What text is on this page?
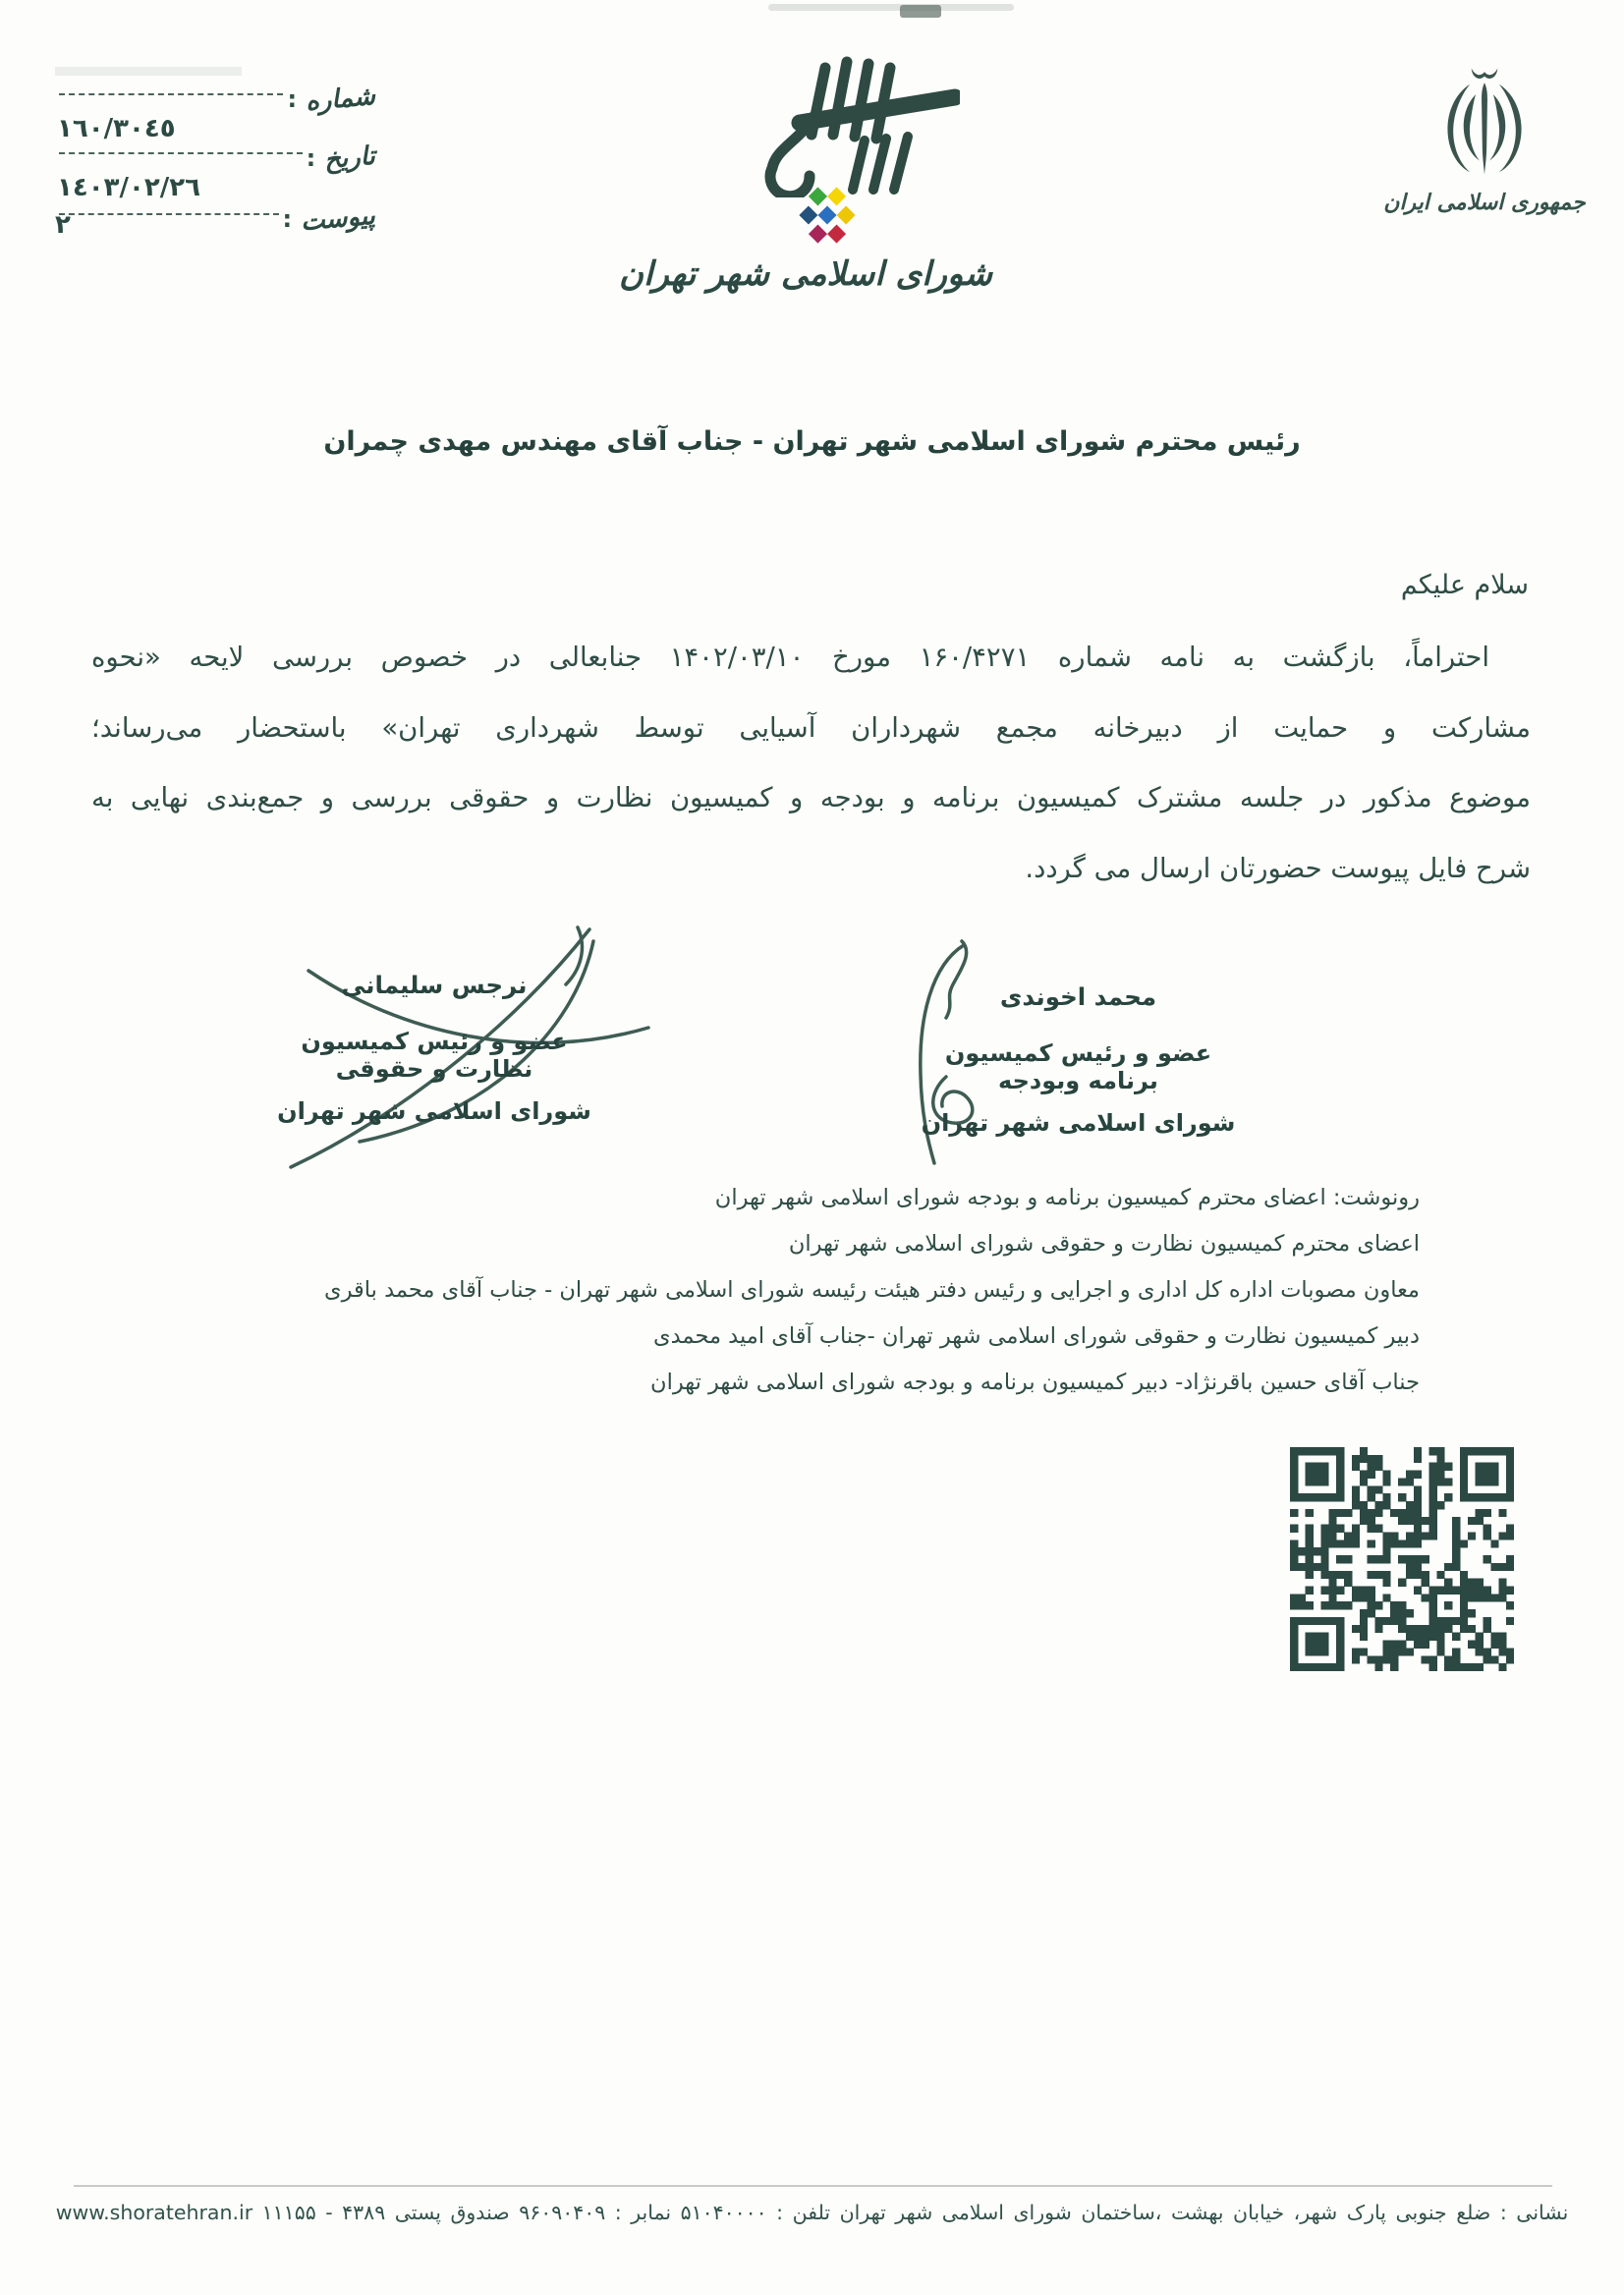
شماره
:
تاریخ
:
پیوست
:
١٦٠/٣٠٤٥
١٤٠٣/٠٢/٢٦
٢
شورای اسلامی شهر تهران
جمهوری اسلامی ایران
رئیس محترم شورای اسلامی شهر تهران - جناب آقای مهندس مهدی چمران
سلام علیکم
احتراماً، بازگشت به نامه شماره ۱۶۰/۴۲۷۱ مورخ ۱۴۰۲/۰۳/۱۰ جنابعالی در خصوص بررسی لایحه «نحوه
مشارکت و حمایت از دبیرخانه مجمع شهرداران آسیایی توسط شهرداری تهران» باستحضار می‌رساند؛
موضوع مذکور در جلسه مشترک کمیسیون برنامه و بودجه و کمیسیون نظارت و حقوقی بررسی و جمع‌بندی نهایی به
شرح فایل پیوست حضورتان ارسال می گردد.
محمد اخوندی
عضو و رئیس کمیسیون برنامه وبودجه
شورای اسلامی شهر تهران
نرجس سلیمانی
عضو و رئیس کمیسیون نظارت و حقوقی
شورای اسلامی شهر تهران
رونوشت: اعضای محترم کمیسیون برنامه و بودجه شورای اسلامی شهر تهران
اعضای محترم کمیسیون نظارت و حقوقی شورای اسلامی شهر تهران
معاون مصوبات اداره کل اداری و اجرایی و رئیس دفتر هیئت رئیسه شورای اسلامی شهر تهران - جناب آقای محمد باقری
دبیر کمیسیون نظارت و حقوقی شورای اسلامی شهر تهران -جناب آقای امید محمدی
جناب آقای حسین باقرنژاد- دبیر کمیسیون برنامه و بودجه شورای اسلامی شهر تهران
نشانی : ضلع جنوبی پارک شهر، خیابان بهشت ،ساختمان شورای اسلامی شهر تهران تلفن : ۵۱۰۴۰۰۰۰ نمابر : ۹۶۰۹۰۴۰۹ صندوق پستی ۴۳۸۹ - ۱۱۱۵۵ www.shoratehran.ir
